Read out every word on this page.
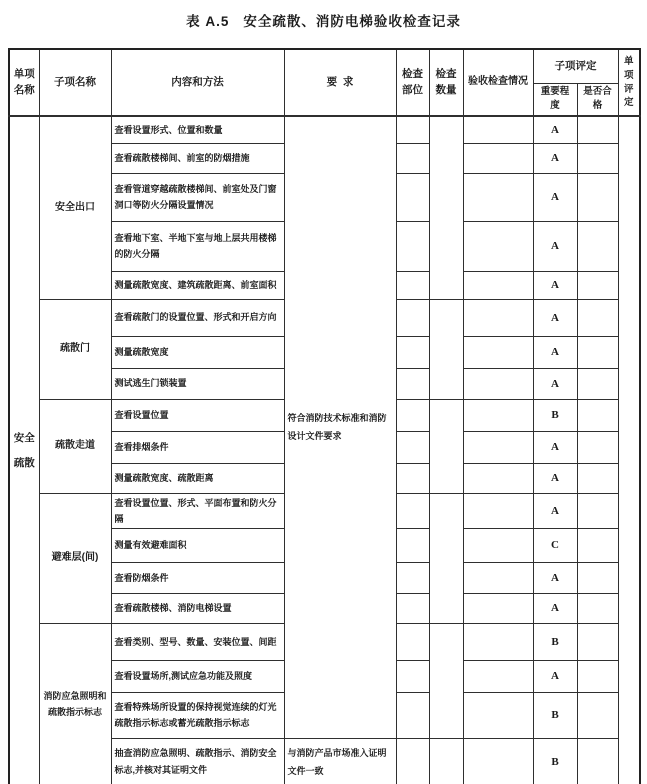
表 A.5 安全疏散、消防电梯验收检查记录
单项名称	子项名称	内容和方法	要求	检查部位	检查数量	验收检查情况	子项评定		单项评定
							重要程度	是否合格	
安全疏散	安全出口	查看设置形式、位置和数量	符合消防技术标准和消防设计文件要求				A		
		查看疏散楼梯间、前室的防烟措施					A		
		查看管道穿越疏散楼梯间、前室处及门窗洞口等防火分隔设置情况					A		
		查看地下室、半地下室与地上层共用楼梯的防火分隔					A		
		测量疏散宽度、建筑疏散距离、前室面积					A		
	疏散门	查看疏散门的设置位置、形式和开启方向					A		
		测量疏散宽度					A		
		测试逃生门锁装置					A		
	疏散走道	查看设置位置					B		
		查看排烟条件					A		
		测量疏散宽度、疏散距离					A		
	避难层(间)	查看设置位置、形式、平面布置和防火分隔					A		
		测量有效避难面积					C		
		查看防烟条件					A		
		查看疏散楼梯、消防电梯设置					A		
	消防应急照明和疏散指示标志	查看类别、型号、数量、安装位置、间距					B		
		查看设置场所,测试应急功能及照度					A		
		查看特殊场所设置的保持视觉连续的灯光疏散指示标志或蓄光疏散指示标志					B		
		抽查消防应急照明、疏散指示、消防安全标志,并核对其证明文件	与消防产品市场准入证明文件一致				B		
